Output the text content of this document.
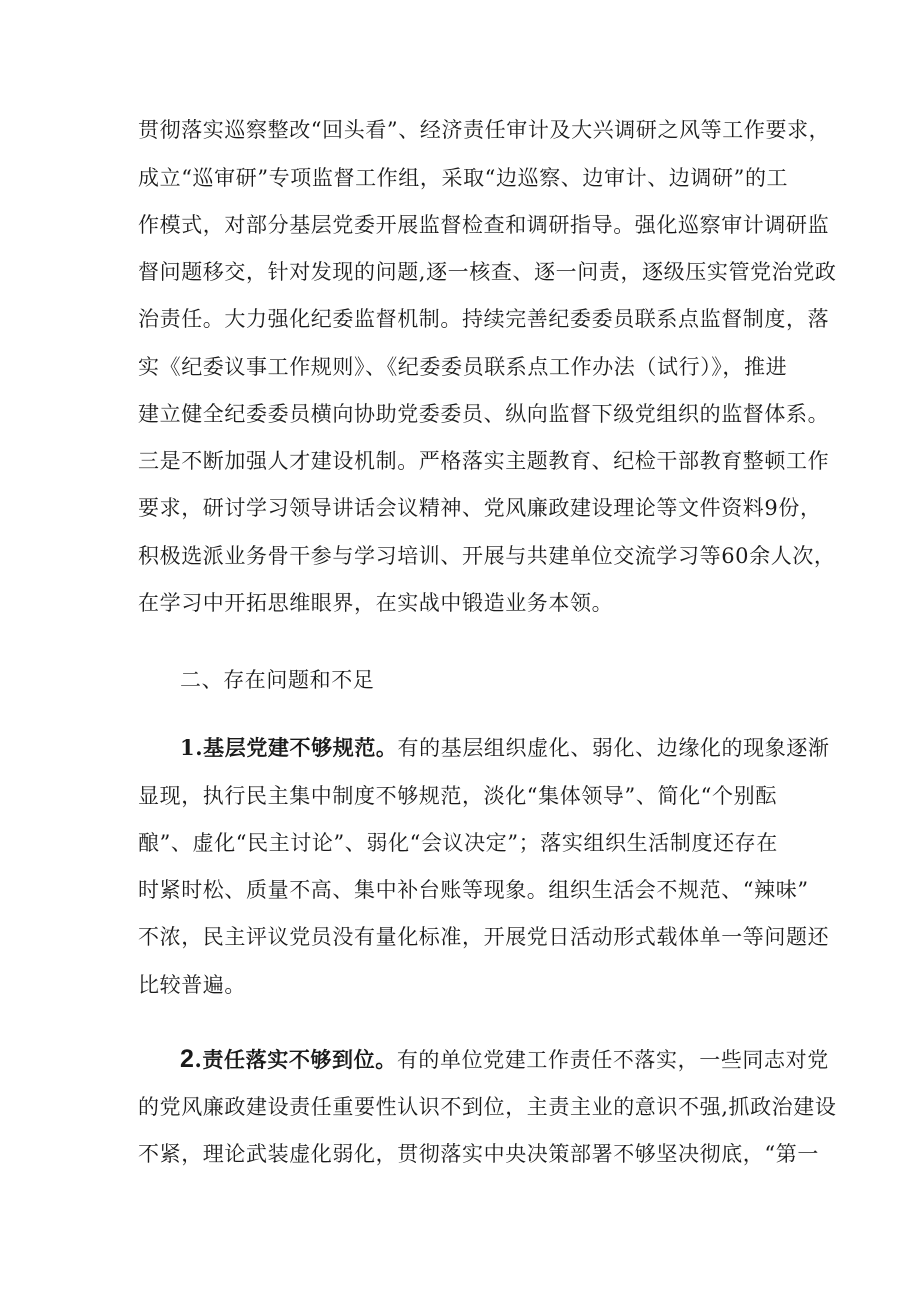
贯彻落实巡察整改“回头看”、经济责任审计及大兴调研之风等工作要求，
成立“巡审研”专项监督工作组，采取“边巡察、边审计、边调研”的工
作模式，对部分基层党委开展监督检查和调研指导。强化巡察审计调研监
督问题移交，针对发现的问题,逐一核查、逐一问责，逐级压实管党治党政
治责任。大力强化纪委监督机制。持续完善纪委委员联系点监督制度，落
实《纪委议事工作规则》、《纪委委员联系点工作办法（试行）》，推进
建立健全纪委委员横向协助党委委员、纵向监督下级党组织的监督体系。
三是不断加强人才建设机制。严格落实主题教育、纪检干部教育整顿工作
要求，研讨学习领导讲话会议精神、党风廉政建设理论等文件资料9份，
积极选派业务骨干参与学习培训、开展与共建单位交流学习等60余人次，
在学习中开拓思维眼界，在实战中锻造业务本领。
二、存在问题和不足
1.基层党建不够规范。有的基层组织虚化、弱化、边缘化的现象逐渐
显现，执行民主集中制度不够规范，淡化“集体领导”、简化“个别酝
酿”、虚化“民主讨论”、弱化“会议决定”；落实组织生活制度还存在
时紧时松、质量不高、集中补台账等现象。组织生活会不规范、“辣味”
不浓，民主评议党员没有量化标准，开展党日活动形式载体单一等问题还
比较普遍。
2.责任落实不够到位。有的单位党建工作责任不落实，一些同志对党
的党风廉政建设责任重要性认识不到位，主责主业的意识不强,抓政治建设
不紧，理论武装虚化弱化，贯彻落实中央决策部署不够坚决彻底，“第一
